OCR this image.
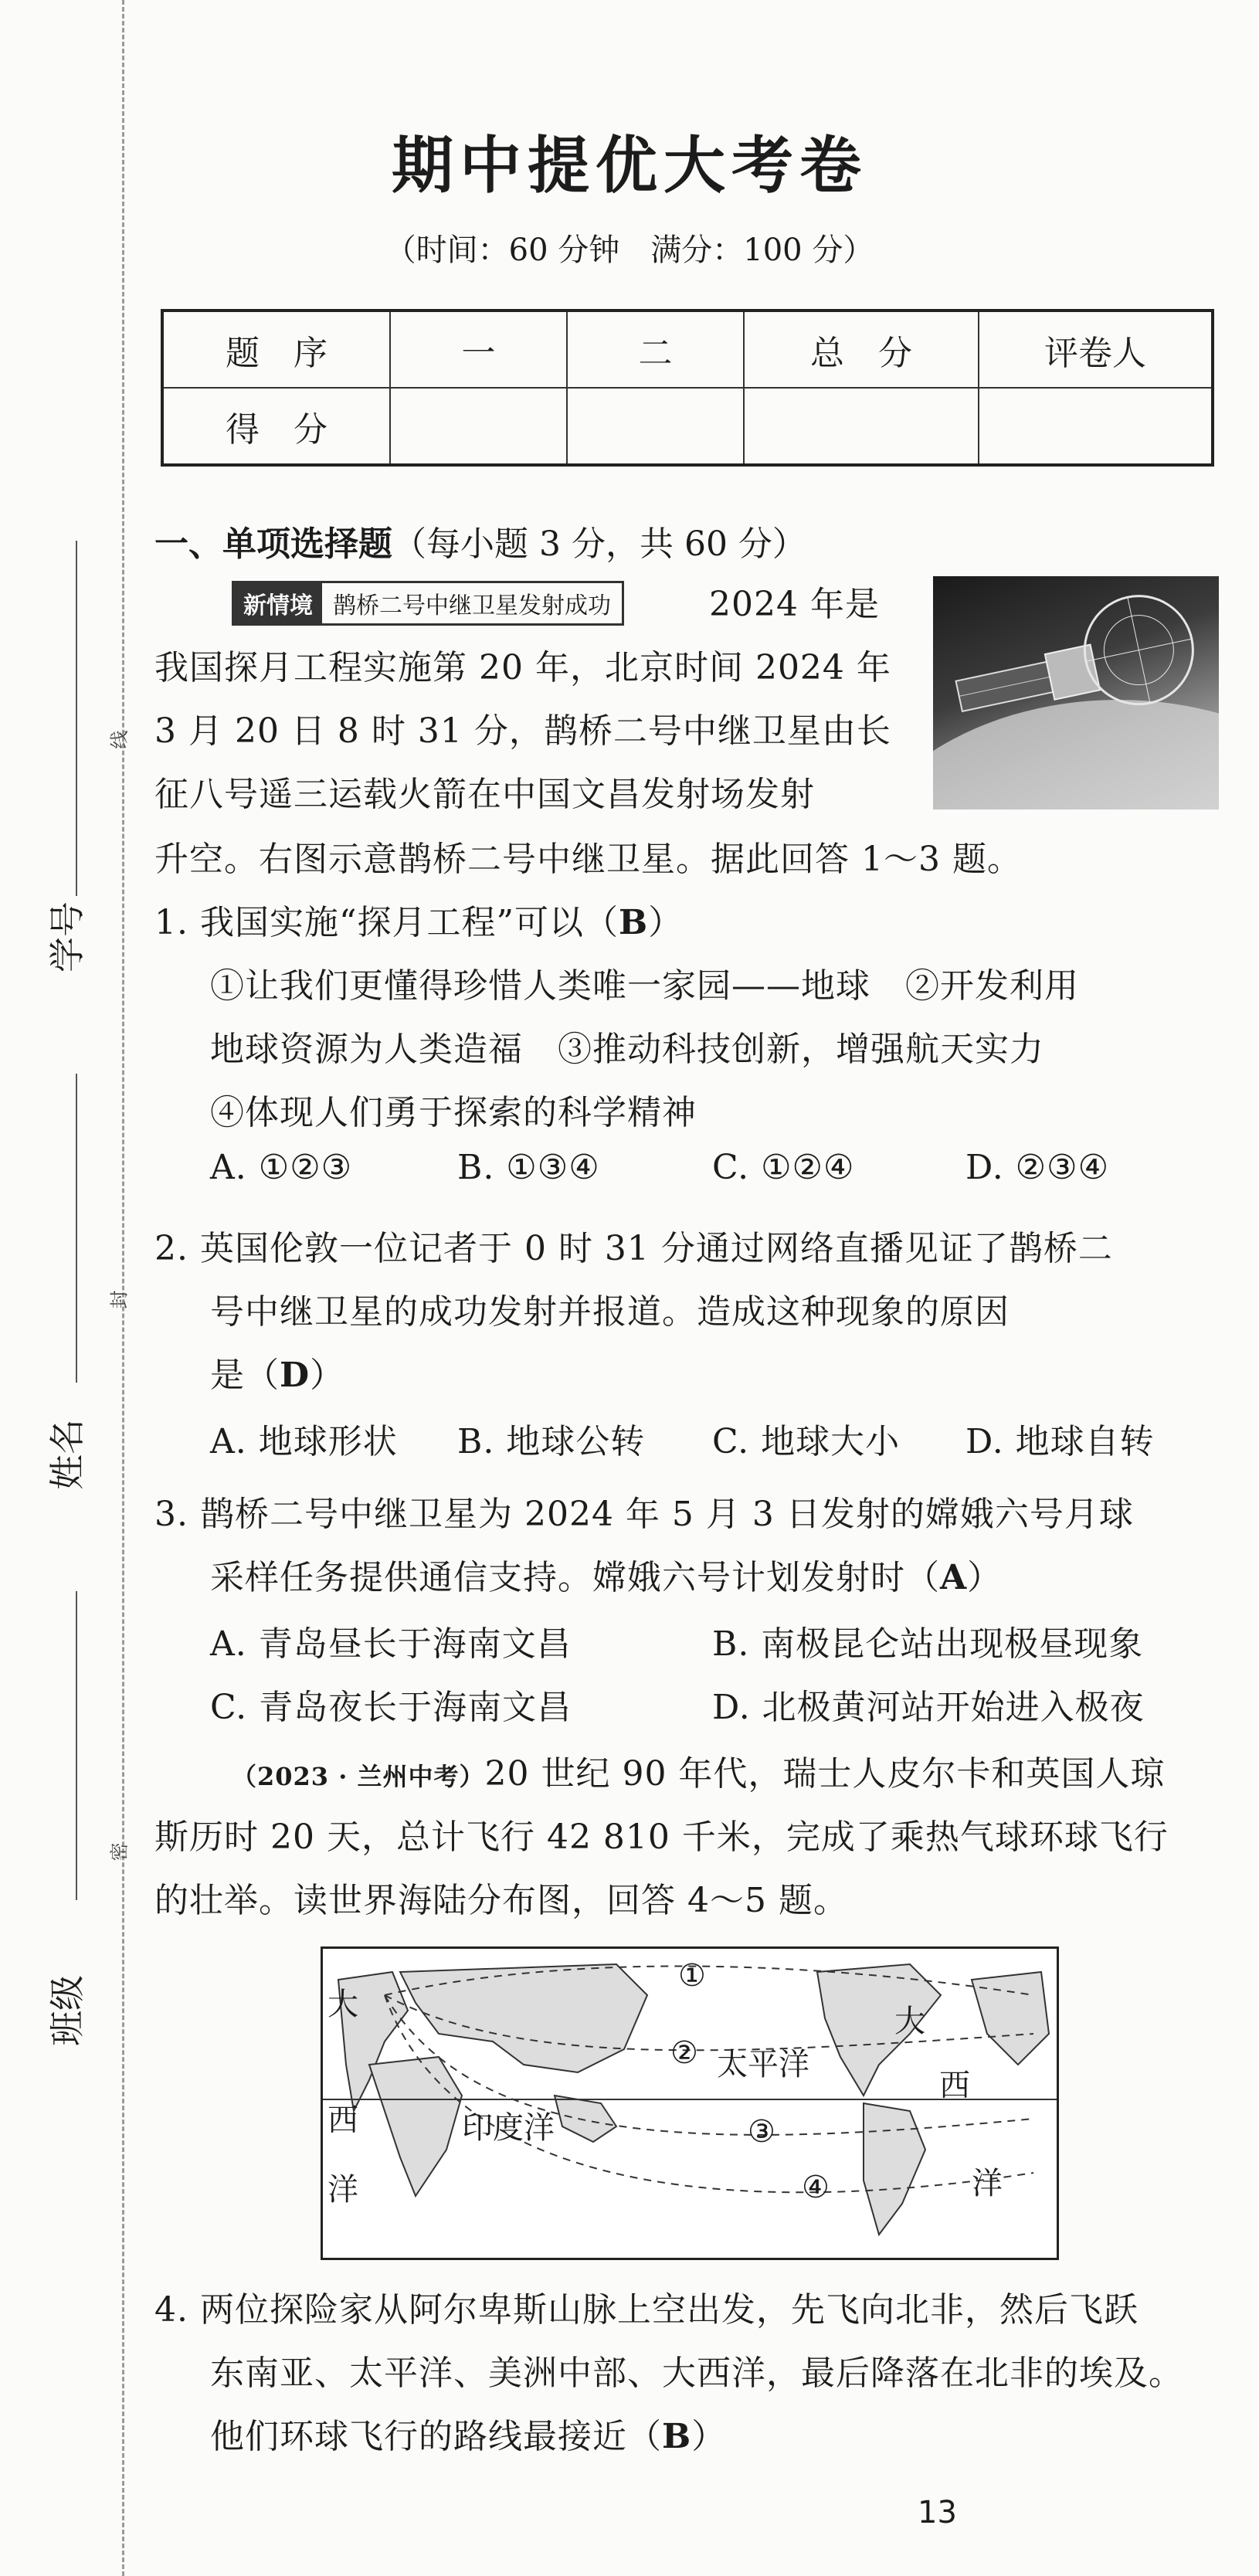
学号
姓名
班级
线
封
密
期中提优大考卷
（时间：60 分钟　满分：100 分）
题　序	一	二	总　分	评卷人
得　分				
一、单项选择题（每小题 3 分，共 60 分）
新情境 鹊桥二号中继卫星发射成功	2024 年是
我国探月工程实施第 20 年，北京时间 2024 年
3 月 20 日 8 时 31 分，鹊桥二号中继卫星由长
征八号遥三运载火箭在中国文昌发射场发射
升空。右图示意鹊桥二号中继卫星。据此回答 1～3 题。
1. 我国实施“探月工程”可以（B）
①让我们更懂得珍惜人类唯一家园——地球　②开发利用
地球资源为人类造福　③推动科技创新，增强航天实力
④体现人们勇于探索的科学精神
A. ①②③	B. ①③④	C. ①②④	D. ②③④
2. 英国伦敦一位记者于 0 时 31 分通过网络直播见证了鹊桥二
号中继卫星的成功发射并报道。造成这种现象的原因
是（D）
A. 地球形状 B. 地球公转 C. 地球大小 D. 地球自转
3. 鹊桥二号中继卫星为 2024 年 5 月 3 日发射的嫦娥六号月球
采样任务提供通信支持。嫦娥六号计划发射时（A）
A. 青岛昼长于海南文昌	B. 南极昆仑站出现极昼现象
C. 青岛夜长于海南文昌	D. 北极黄河站开始进入极夜
（2023 · 兰州中考）20 世纪 90 年代，瑞士人皮尔卡和英国人琼
斯历时 20 天，总计飞行 42 810 千米，完成了乘热气球环球飞行
的壮举。读世界海陆分布图，回答 4～5 题。
①
②
③
④
太平洋
印度洋
大
西
洋
西
洋
大
4. 两位探险家从阿尔卑斯山脉上空出发，先飞向北非，然后飞跃
东南亚、太平洋、美洲中部、大西洋，最后降落在北非的埃及。
他们环球飞行的路线最接近（B）
13
